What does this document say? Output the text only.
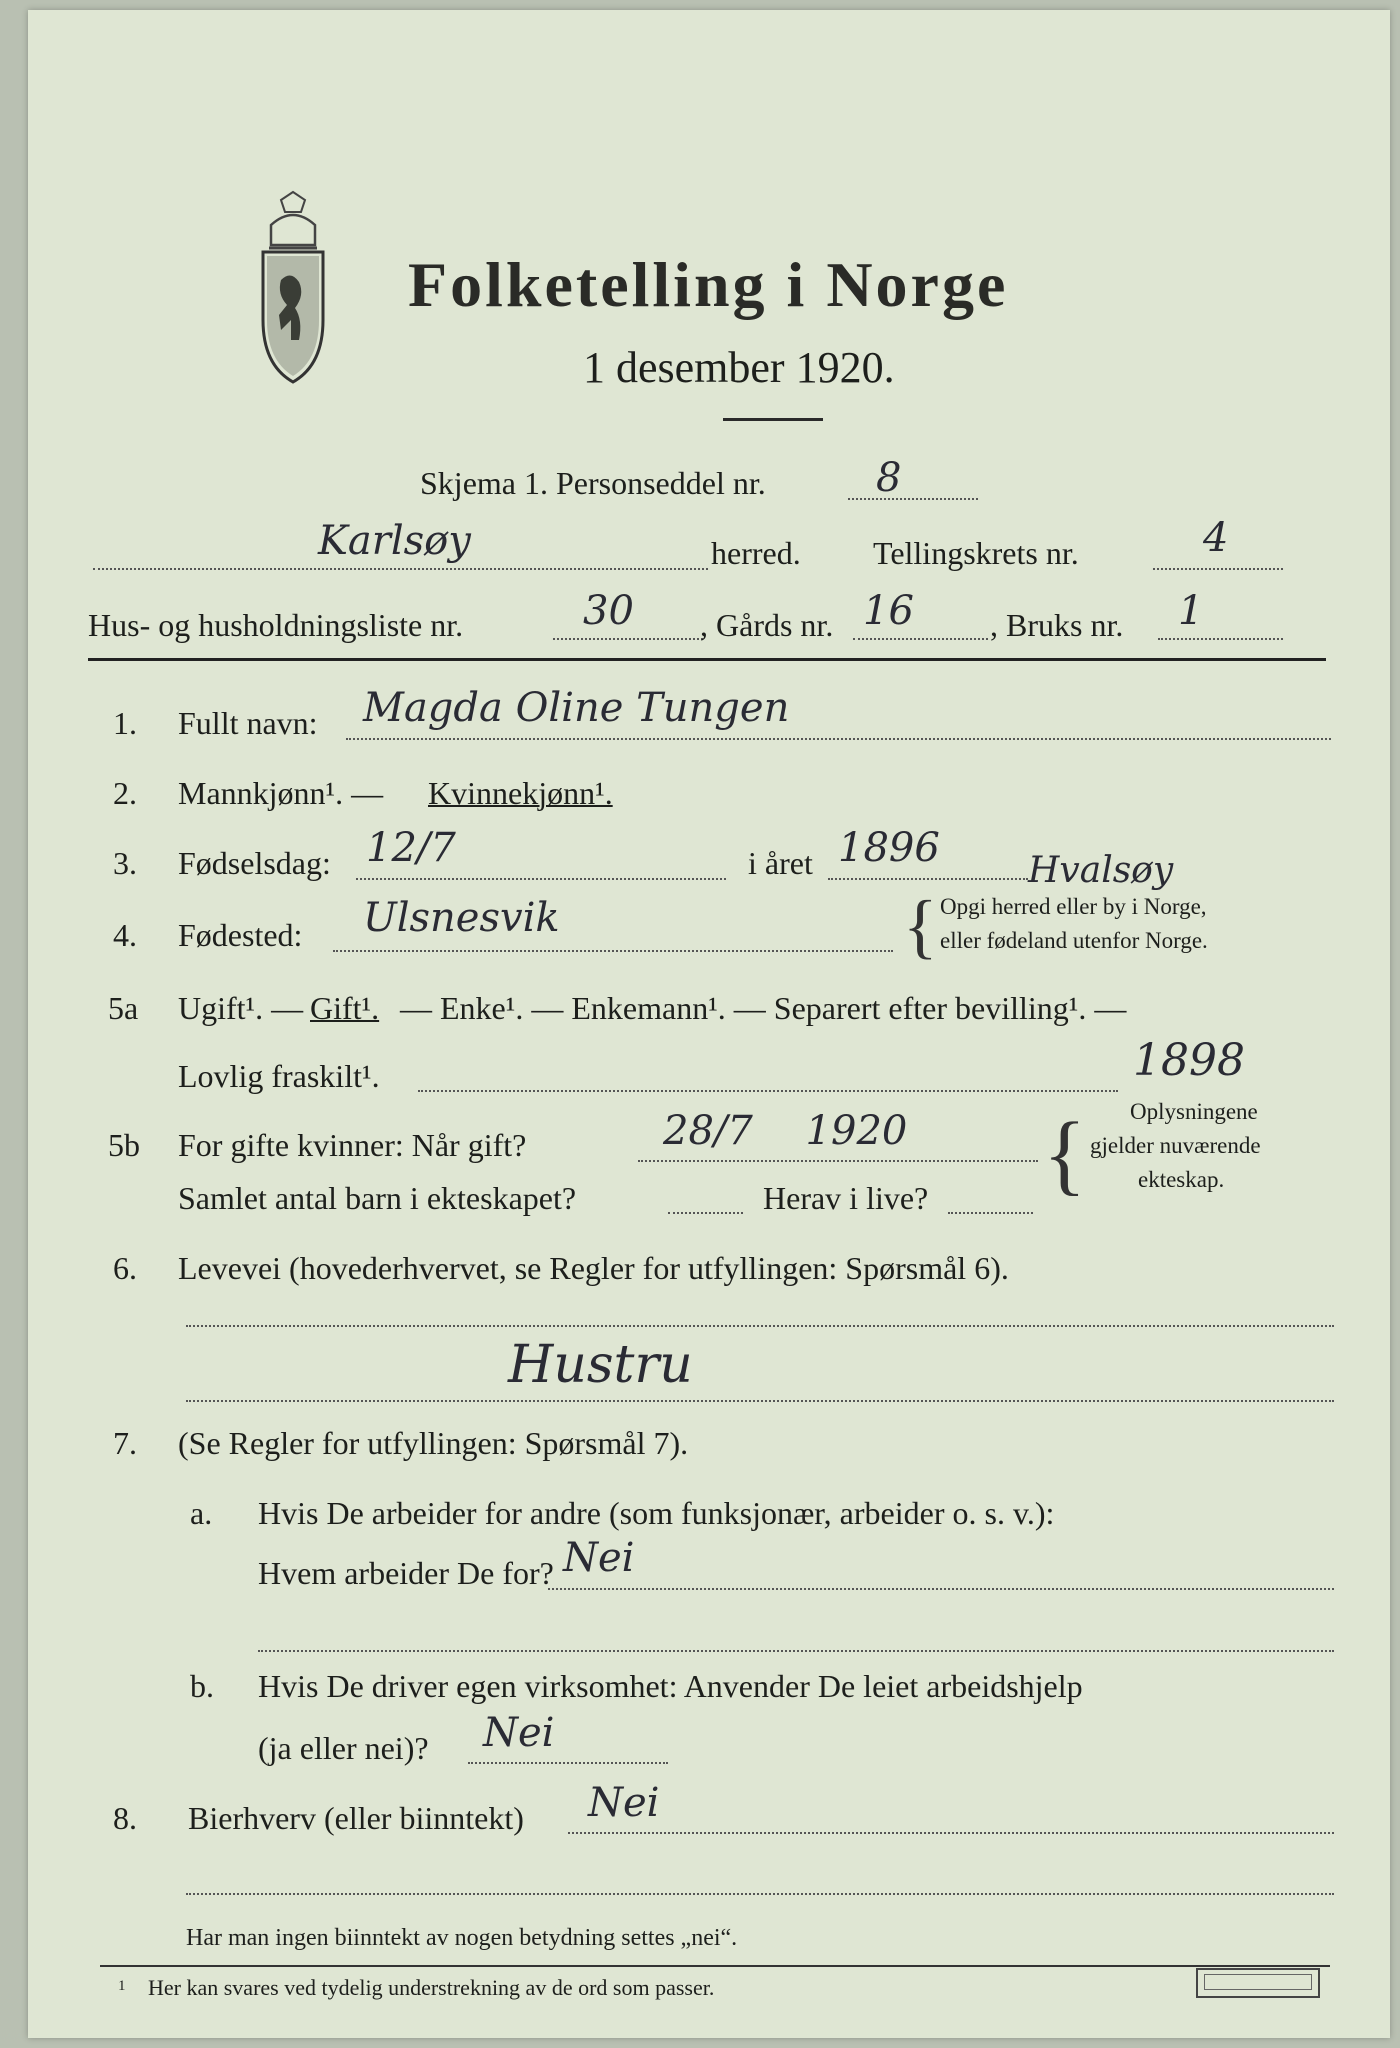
Folketelling i Norge
1 desember 1920.
Skjema 1. Personseddel nr.	8
Karlsøy	herred. Tellingskrets nr.	4
Hus- og husholdningsliste nr.	30 , Gårds nr. 16 , Bruks nr. 1
1. Fullt navn: Magda Oline Tungen
2. Mannkjønn¹. — Kvinnekjønn¹.
3. Fødselsdag: 12/7	i året 1896 Hvalsøy
4. Fødested: Ulsnesvik	{ Opgi herred eller by i Norge,
eller fødeland utenfor Norge.
5a Ugift¹. — Gift¹. — Enke¹. — Enkemann¹. — Separert efter bevilling¹. —
Lovlig fraskilt¹.
5b For gifte kvinner: Når gift?	28/7 1920
1898
{ Oplysningene
gjelder nuværende
ekteskap.
Samlet antal barn i ekteskapet?	Herav i live?
6. Levevei (hovederhvervet, se Regler for utfyllingen: Spørsmål 6).
Hustru
7. (Se Regler for utfyllingen: Spørsmål 7).
a. Hvis De arbeider for andre (som funksjonær, arbeider o. s. v.):
Hvem arbeider De for? Nei
b. Hvis De driver egen virksomhet: Anvender De leiet arbeidshjelp
(ja eller nei)? Nei
8. Bierhverv (eller biinntekt) Nei
Har man ingen biinntekt av nogen betydning settes „nei“.
1 Her kan svares ved tydelig understrekning av de ord som passer.
